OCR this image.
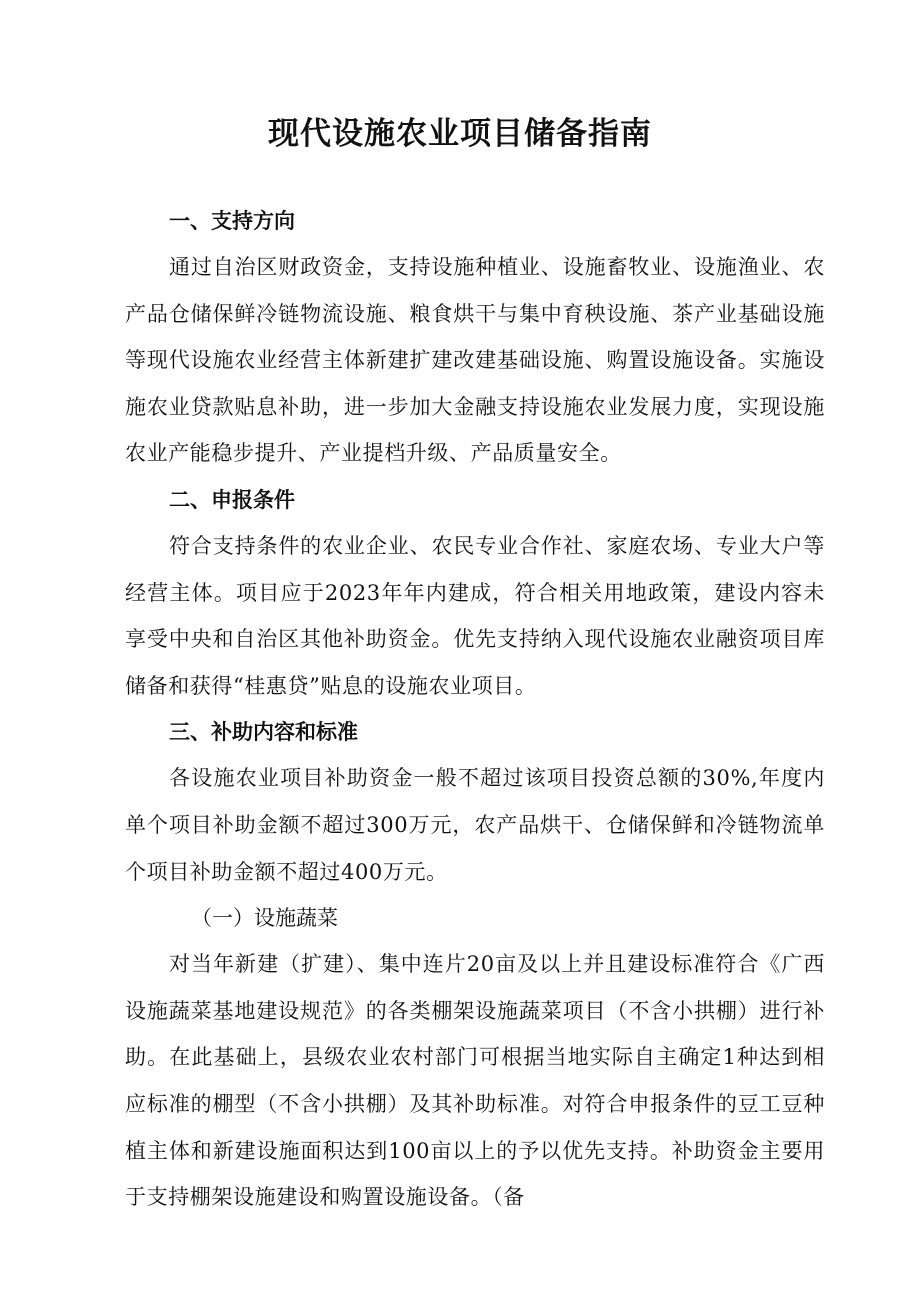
现代设施农业项目储备指南
一、支持方向

通过自治区财政资金，支持设施种植业、设施畜牧业、设施渔业、农产品仓储保鲜冷链物流设施、粮食烘干与集中育秧设施、茶产业基础设施等现代设施农业经营主体新建扩建改建基础设施、购置设施设备。实施设施农业贷款贴息补助，进一步加大金融支持设施农业发展力度，实现设施农业产能稳步提升、产业提档升级、产品质量安全。

二、申报条件

符合支持条件的农业企业、农民专业合作社、家庭农场、专业大户等经营主体。项目应于2023年年内建成，符合相关用地政策，建设内容未享受中央和自治区其他补助资金。优先支持纳入现代设施农业融资项目库储备和获得“桂惠贷”贴息的设施农业项目。

三、补助内容和标准

各设施农业项目补助资金一般不超过该项目投资总额的30%,年度内单个项目补助金额不超过300万元，农产品烘干、仓储保鲜和冷链物流单个项目补助金额不超过400万元。

（一）设施蔬菜

对当年新建（扩建）、集中连片20亩及以上并且建设标准符合《广西设施蔬菜基地建设规范》的各类棚架设施蔬菜项目（不含小拱棚）进行补助。在此基础上，县级农业农村部门可根据当地实际自主确定1种达到相应标准的棚型（不含小拱棚）及其补助标准。对符合申报条件的豆工豆种植主体和新建设施面积达到100亩以上的予以优先支持。补助资金主要用于支持棚架设施建设和购置设施设备。（备
